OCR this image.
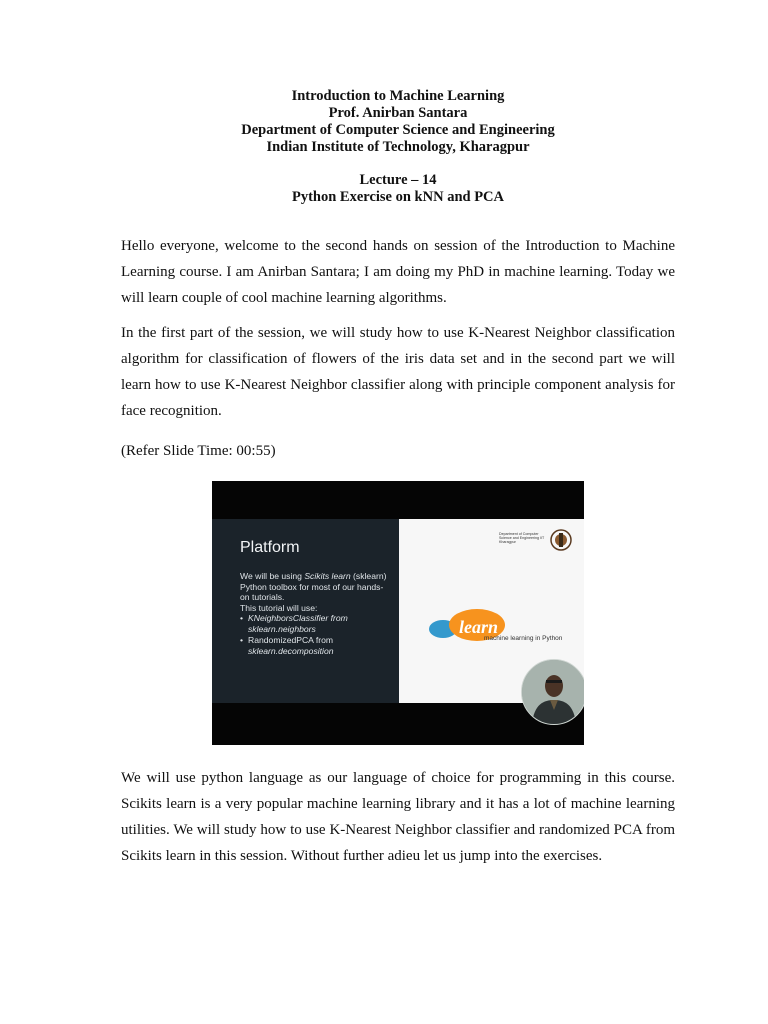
Introduction to Machine Learning
Prof. Anirban Santara
Department of Computer Science and Engineering
Indian Institute of Technology, Kharagpur
Lecture – 14
Python Exercise on kNN and PCA

Hello everyone, welcome to the second hands on session of the Introduction to Machine Learning course. I am Anirban Santara; I am doing my PhD in machine learning. Today we will learn couple of cool machine learning algorithms.

In the first part of the session, we will study how to use K-Nearest Neighbor classification algorithm for classification of flowers of the iris data set and in the second part we will learn how to use K-Nearest Neighbor classifier along with principle component analysis for face recognition.

(Refer Slide Time: 00:55)

Platform
We will be using Scikits learn (sklearn) Python toolbox for most of our hands-on tutorials.
This tutorial will use:
• KNeighborsClassifier from
sklearn.neighbors
• RandomizedPCA from
sklearn.decomposition
Department of Computer Science and Engineering IIT Kharagpur
learn
machine learning in Python

We will use python language as our language of choice for programming in this course. Scikits learn is a very popular machine learning library and it has a lot of machine learning utilities. We will study how to use K-Nearest Neighbor classifier and randomized PCA from Scikits learn in this session. Without further adieu let us jump into the exercises.
